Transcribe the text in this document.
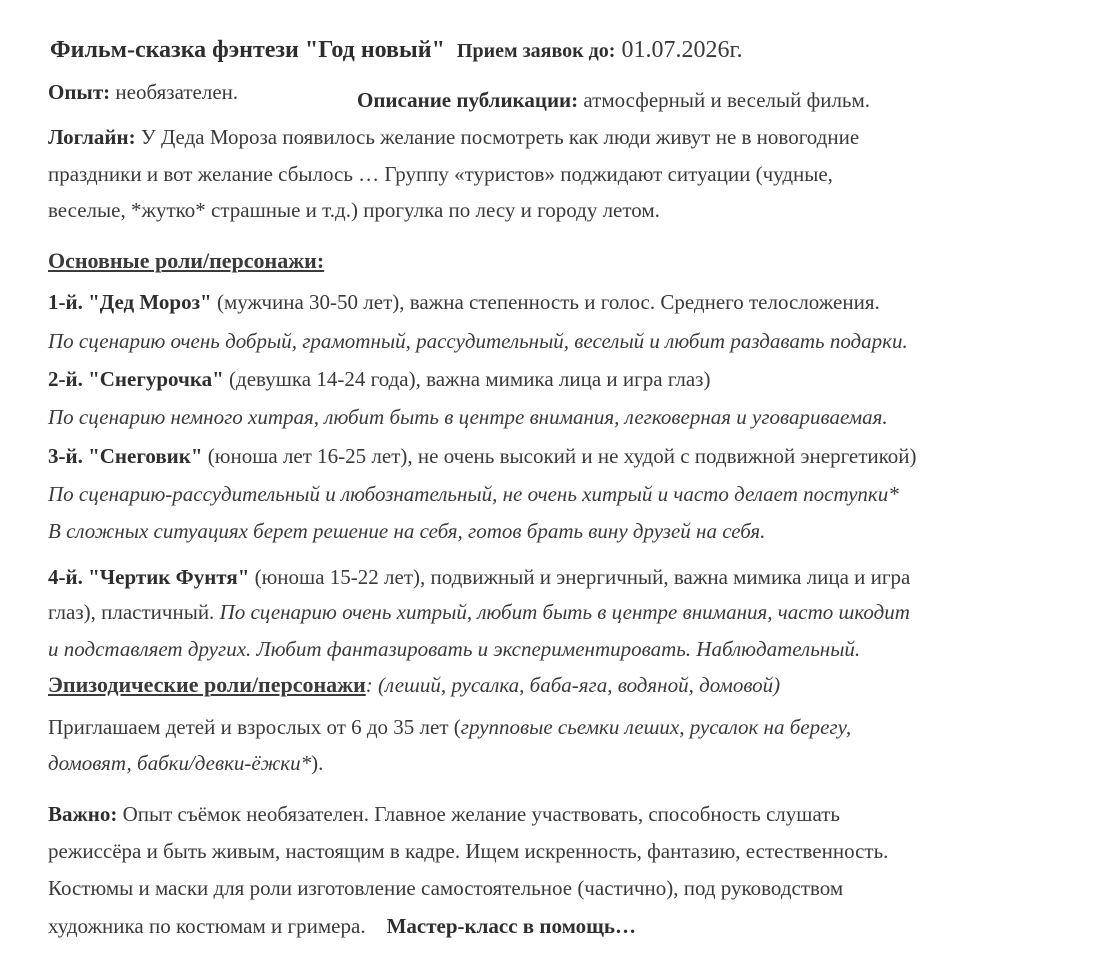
Фильм-сказка фэнтези "Год новый" Прием заявок до: 01.07.2026г.
Опыт: необязателен.	Описание публикации: атмосферный и веселый фильм.
Логлайн: У Деда Мороза появилось желание посмотреть как люди живут не в новогодние
праздники и вот желание сбылось … Группу «туристов» поджидают ситуации (чудные,
веселые, *жутко* страшные и т.д.) прогулка по лесу и городу летом.
Основные роли/персонажи:
1-й. "Дед Мороз" (мужчина 30-50 лет), важна степенность и голос. Среднего телосложения.
По сценарию очень добрый, грамотный, рассудительный, веселый и любит раздавать подарки.
2-й. "Снегурочка" (девушка 14-24 года), важна мимика лица и игра глаз)
По сценарию немного хитрая, любит быть в центре внимания, легковерная и уговариваемая.
3-й. "Снеговик" (юноша лет 16-25 лет), не очень высокий и не худой с подвижной энергетикой)
По сценарию-рассудительный и любознательный, не очень хитрый и часто делает поступки*
В сложных ситуациях берет решение на себя, готов брать вину друзей на себя.
4-й. "Чертик Фунтя" (юноша 15-22 лет), подвижный и энергичный, важна мимика лица и игра
глаз), пластичный. По сценарию очень хитрый, любит быть в центре внимания, часто шкодит
и подставляет других. Любит фантазировать и экспериментировать. Наблюдательный.
Эпизодические роли/персонажи: (леший, русалка, баба-яга, водяной, домовой)
Приглашаем детей и взрослых от 6 до 35 лет (групповые сьемки леших, русалок на берегу,
домовят, бабки/девки-ёжки*).
Важно: Опыт съёмок необязателен. Главное желание участвовать, способность слушать
режиссёра и быть живым, настоящим в кадре. Ищем искренность, фантазию, естественность.
Костюмы и маски для роли изготовление самостоятельное (частично), под руководством
художника по костюмам и гримера. Мастер-класс в помощь…
